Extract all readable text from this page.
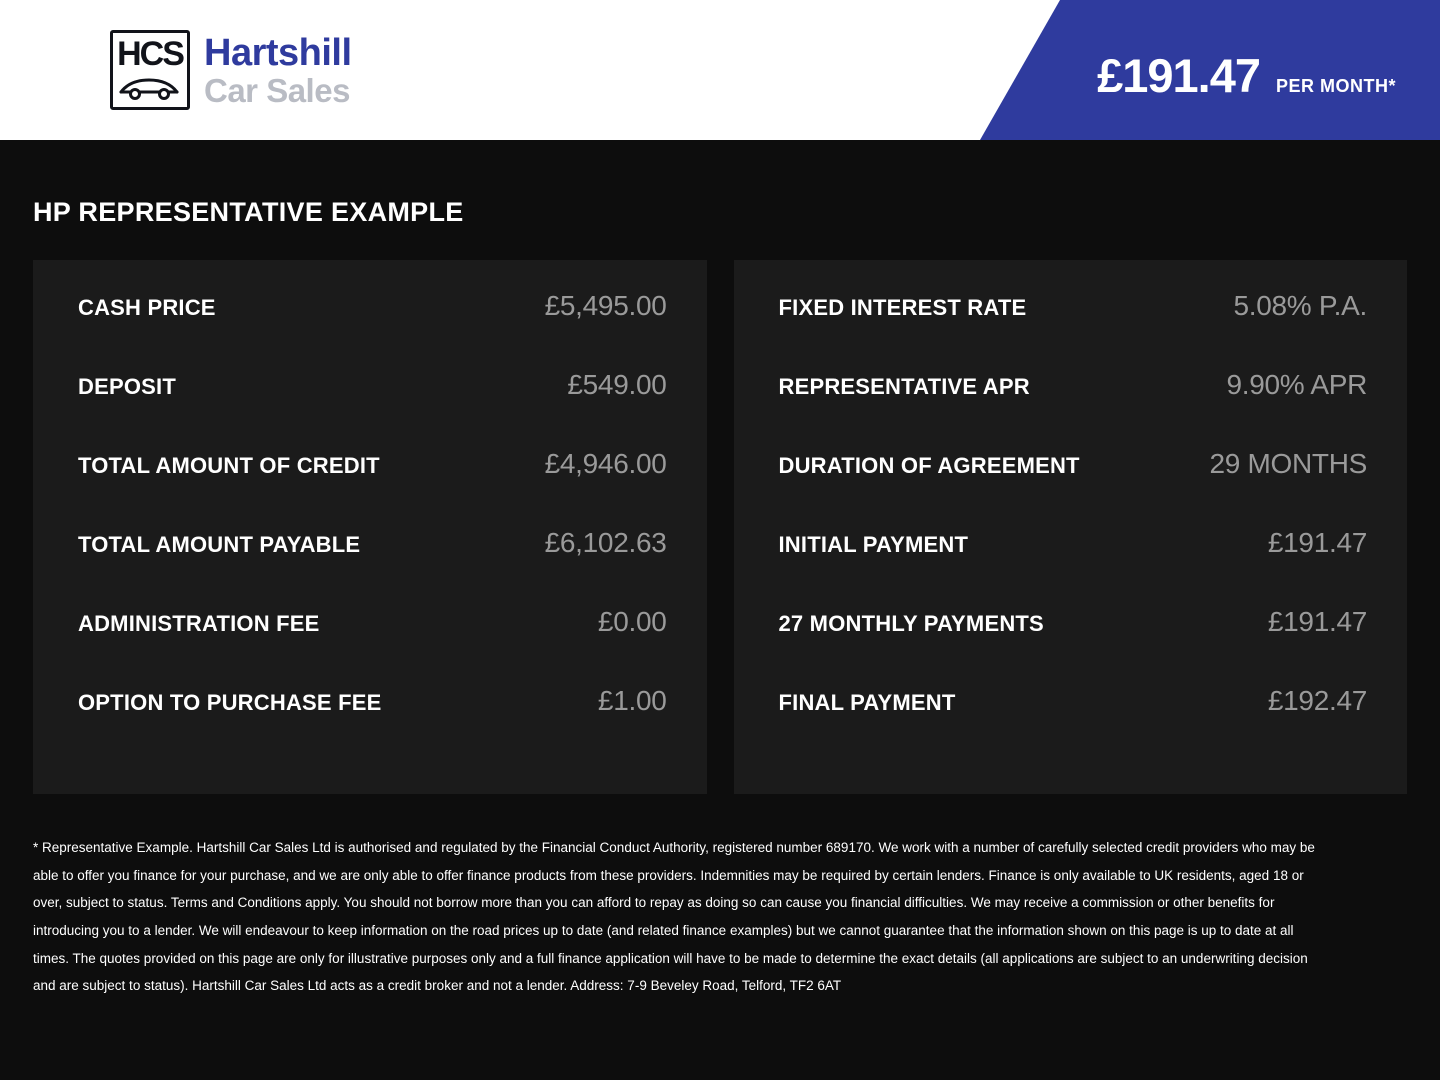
HCS Hartshill
Car Sales	£191.47 PER MONTH*
HP REPRESENTATIVE EXAMPLE
CASH PRICE	£5,495.00
DEPOSIT	£549.00
TOTAL AMOUNT OF CREDIT	£4,946.00
TOTAL AMOUNT PAYABLE	£6,102.63
ADMINISTRATION FEE	£0.00
OPTION TO PURCHASE FEE	£1.00
FIXED INTEREST RATE	5.08% P.A.
REPRESENTATIVE APR	9.90% APR
DURATION OF AGREEMENT	29 MONTHS
INITIAL PAYMENT	£191.47
27 MONTHLY PAYMENTS	£191.47
FINAL PAYMENT	£192.47

* Representative Example. Hartshill Car Sales Ltd is authorised and regulated by the Financial Conduct Authority, registered number 689170. We work with a number of carefully selected credit providers who may be able to offer you finance for your purchase, and we are only able to offer finance products from these providers. Indemnities may be required by certain lenders. Finance is only available to UK residents, aged 18 or over, subject to status. Terms and Conditions apply. You should not borrow more than you can afford to repay as doing so can cause you financial difficulties. We may receive a commission or other benefits for introducing you to a lender. We will endeavour to keep information on the road prices up to date (and related finance examples) but we cannot guarantee that the information shown on this page is up to date at all times. The quotes provided on this page are only for illustrative purposes only and a full finance application will have to be made to determine the exact details (all applications are subject to an underwriting decision and are subject to status). Hartshill Car Sales Ltd acts as a credit broker and not a lender. Address: 7-9 Beveley Road, Telford, TF2 6AT
